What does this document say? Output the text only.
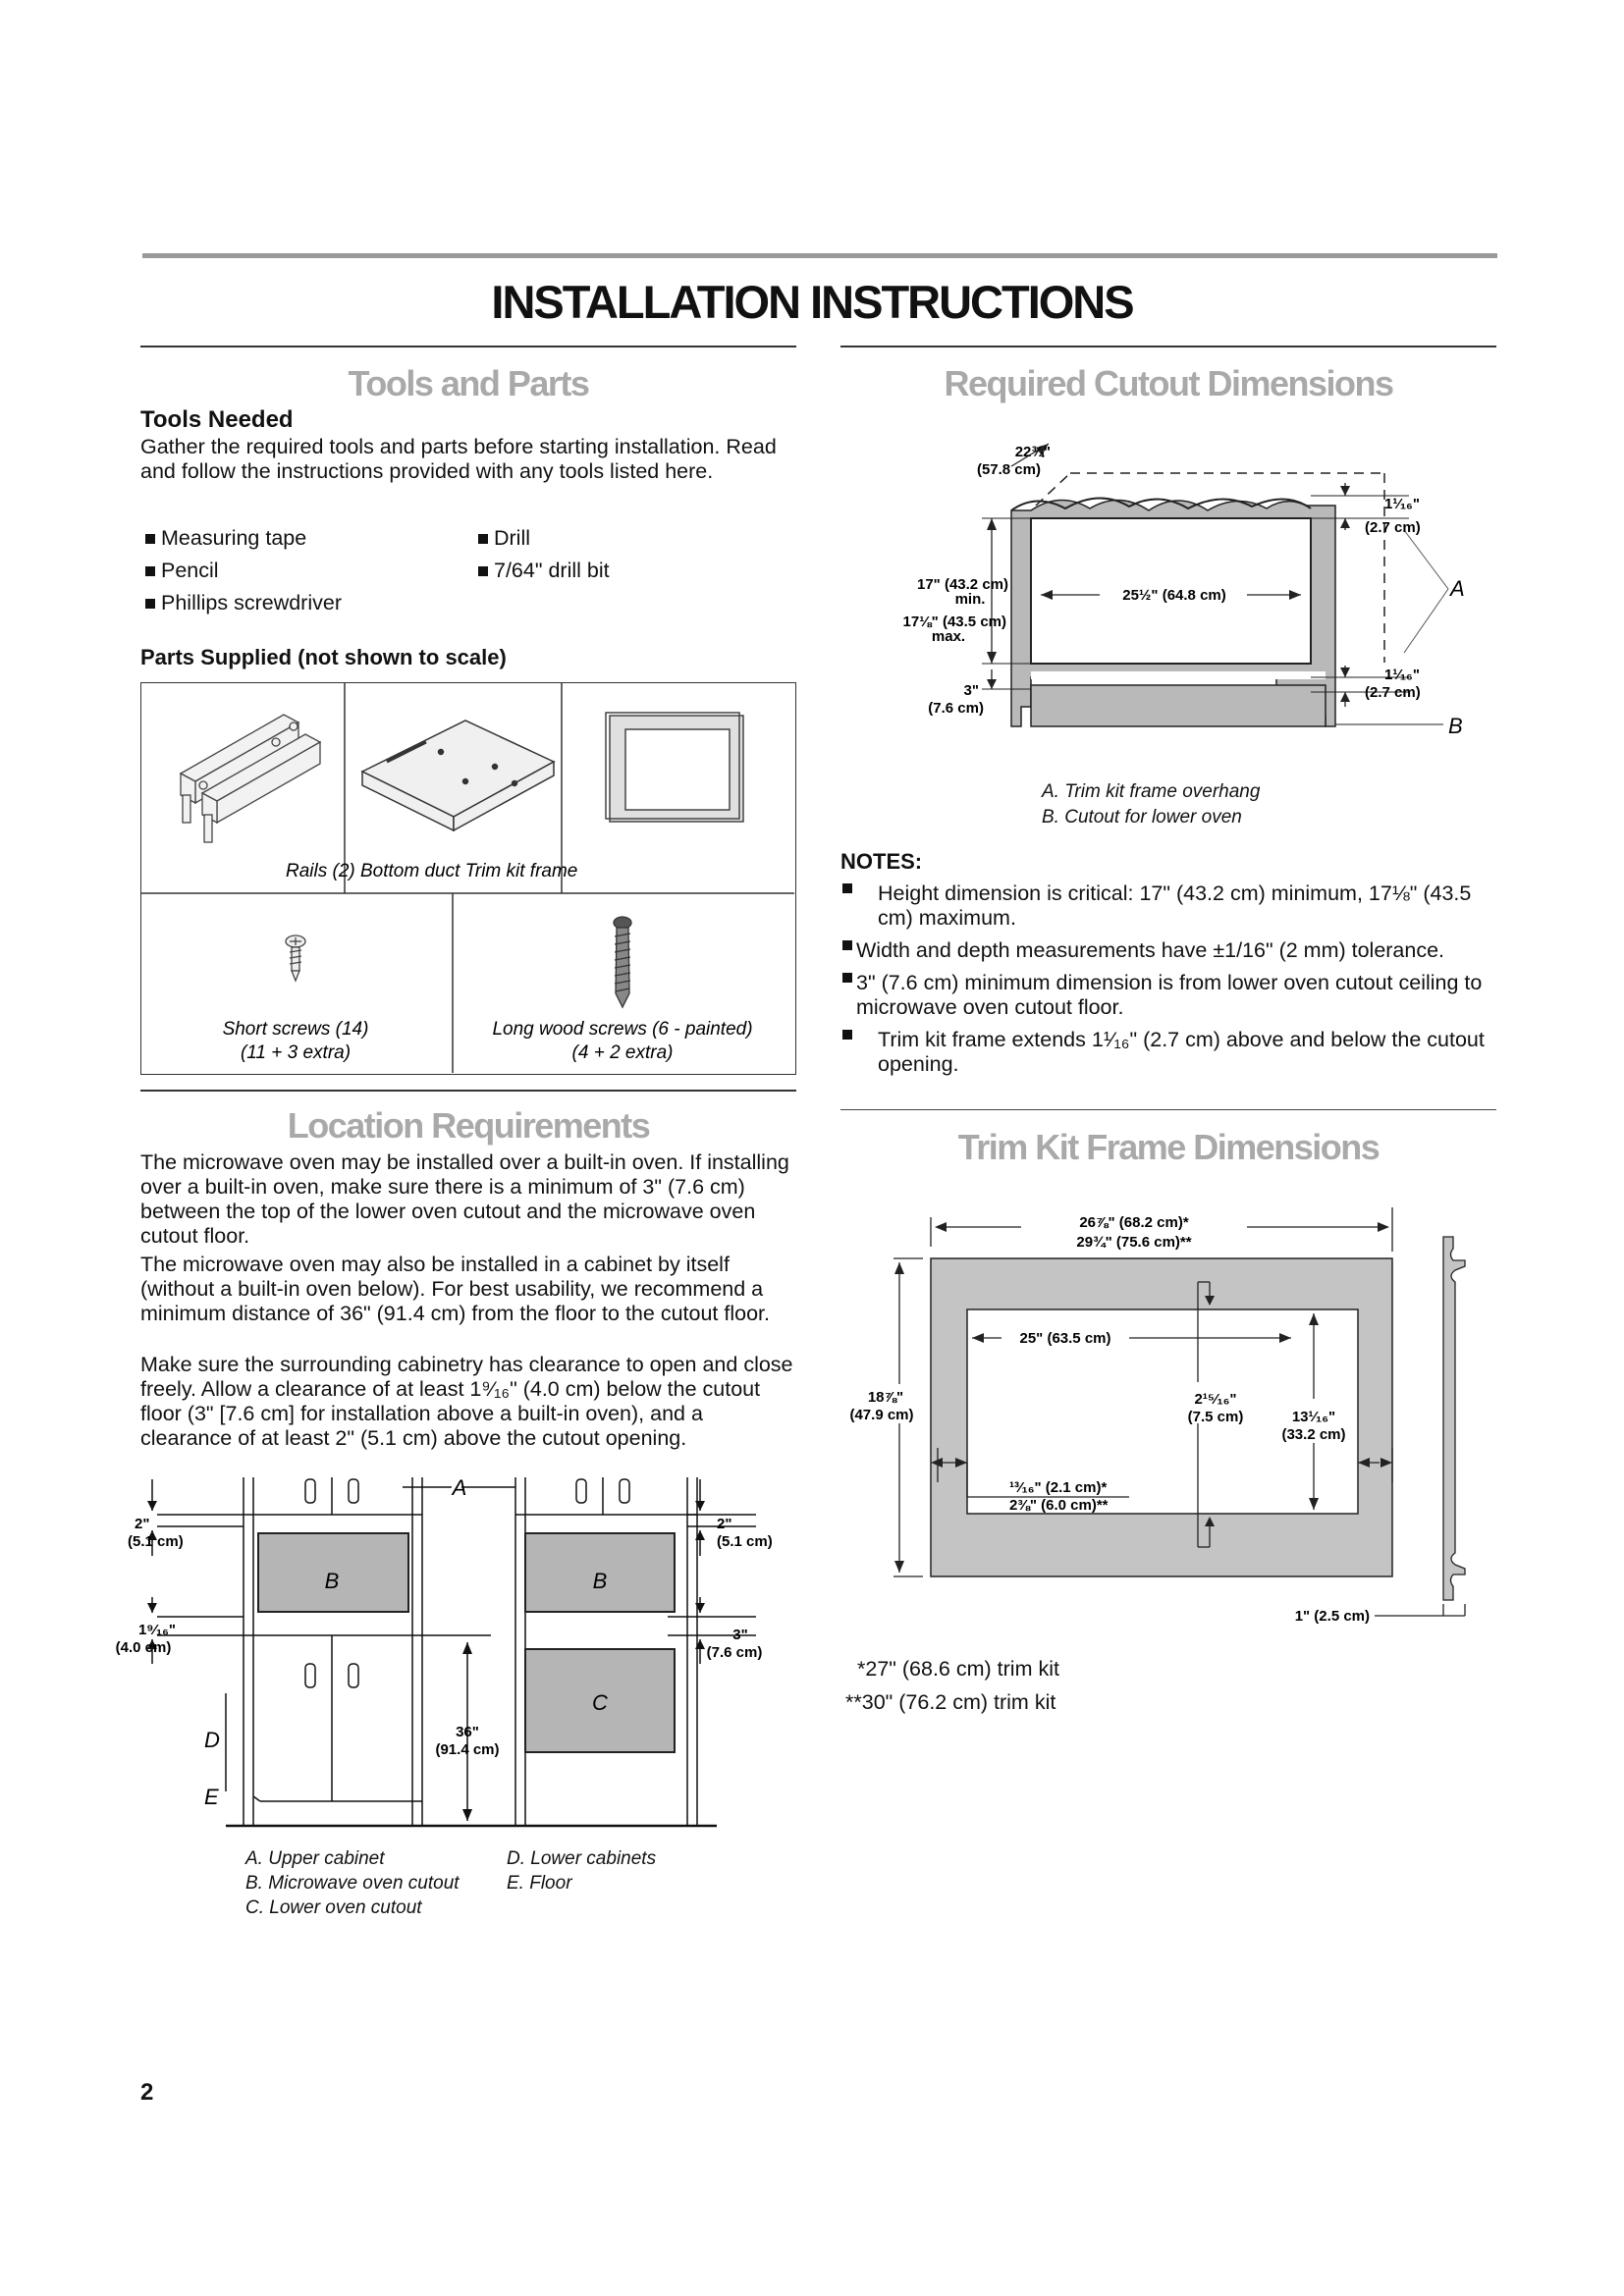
INSTALLATION INSTRUCTIONS
Tools and Parts
Tools Needed

Gather the required tools and parts before starting installation. Read and follow the instructions provided with any tools listed here.

Measuring tape
Pencil
Phillips screwdriver
Drill
7/64" drill bit
Parts Supplied (not shown to scale)
Rails (2) Bottom duct Trim kit frame
Short screws (14)
(11 + 3 extra)
Long wood screws (6 - painted)
(4 + 2 extra)
Location Requirements

The microwave oven may be installed over a built-in oven. If installing over a built-in oven, make sure there is a minimum of 3" (7.6 cm) between the top of the lower oven cutout and the microwave oven cutout floor.

The microwave oven may also be installed in a cabinet by itself (without a built-in oven below). For best usability, we recommend a minimum distance of 36" (91.4 cm) from the floor to the cutout floor.

Make sure the surrounding cabinetry has clearance to open and close freely. Allow a clearance of at least 1⁹⁄₁₆" (4.0 cm) below the cutout floor (3" [7.6 cm] for installation above a built-in oven), and a clearance of at least 2" (5.1 cm) above the cutout opening.

2"
(5.1 cm)
1⁹⁄₁₆"
(4.0 cm)
2"
(5.1 cm)
3"
(7.6 cm)
36"
(91.4 cm)
A
B	B
C
D
E

A. Upper cabinet

B. Microwave oven cutout

C. Lower oven cutout

D. Lower cabinets

E. Floor

2
Required Cutout Dimensions
22¾"
(57.8 cm)
1¹⁄₁₆"
(2.7 cm)
17" (43.2 cm)
min.
17⅛" (43.5 cm)
max.
25½" (64.8 cm)
1¹⁄₁₆"
(2.7 cm)
3"
(7.6 cm)
A
B

A. Trim kit frame overhang

B. Cutout for lower oven

NOTES:
Height dimension is critical: 17" (43.2 cm) minimum, 17⅛" (43.5 cm) maximum.
Width and depth measurements have ±1/16" (2 mm) tolerance.
3" (7.6 cm) minimum dimension is from lower oven cutout ceiling to microwave oven cutout floor.
Trim kit frame extends 1¹⁄₁₆" (2.7 cm) above and below the cutout opening.
Trim Kit Frame Dimensions
26⅞" (68.2 cm)*
29¾" (75.6 cm)**
25" (63.5 cm)
18⅞"
(47.9 cm)
2¹⁵⁄₁₆"
(7.5 cm)	13¹⁄₁₆"
(33.2 cm)
¹³⁄₁₆" (2.1 cm)*
2⅜" (6.0 cm)**
1" (2.5 cm)

*27" (68.6 cm) trim kit

**30" (76.2 cm) trim kit
